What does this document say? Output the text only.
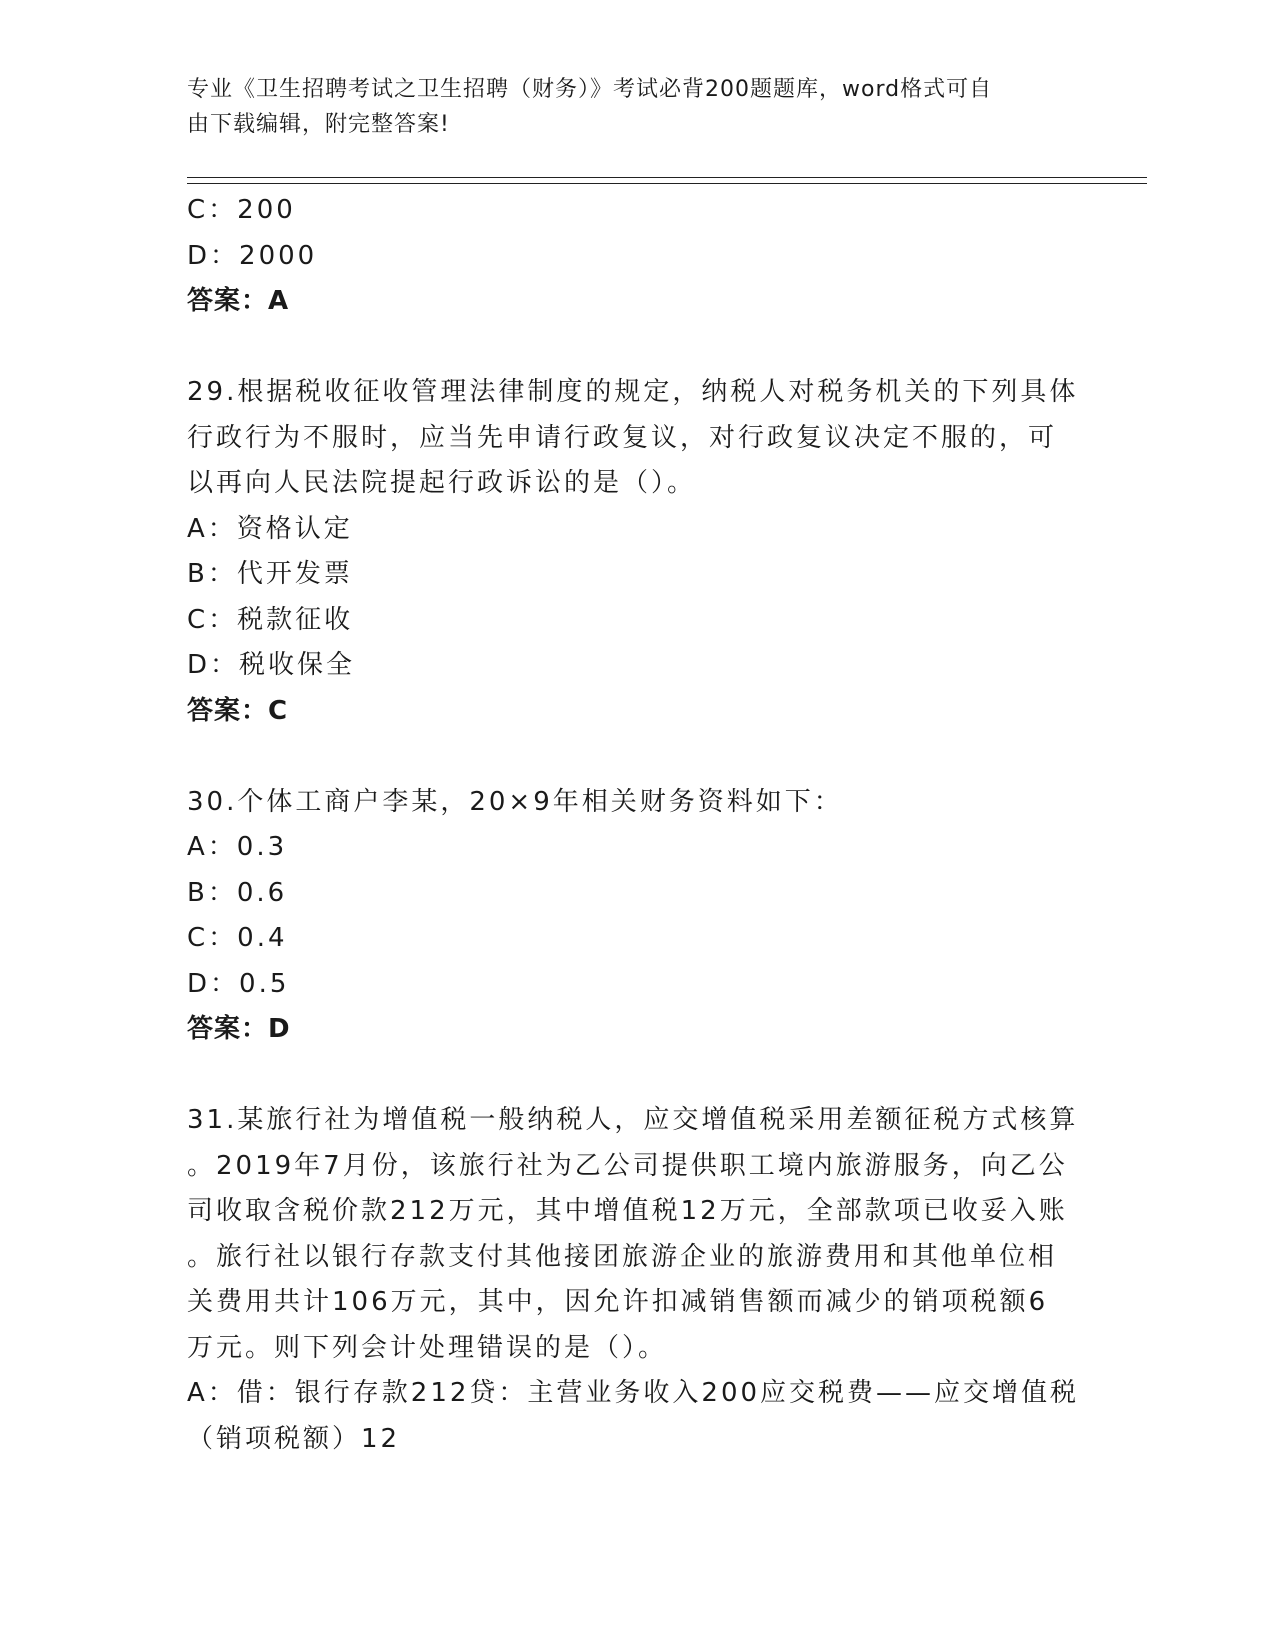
专业《卫生招聘考试之卫生招聘（财务）》考试必背200题题库，word格式可自

由下载编辑，附完整答案!

C：200

D：2000

答案：A

29.根据税收征收管理法律制度的规定，纳税人对税务机关的下列具体

行政行为不服时，应当先申请行政复议，对行政复议决定不服的，可

以再向人民法院提起行政诉讼的是（）。

A：资格认定

B：代开发票

C：税款征收

D：税收保全

答案：C

30.个体工商户李某，20×9年相关财务资料如下：

A：0.3

B：0.6

C：0.4

D：0.5

答案：D

31.某旅行社为增值税一般纳税人，应交增值税采用差额征税方式核算

。2019年7月份，该旅行社为乙公司提供职工境内旅游服务，向乙公

司收取含税价款212万元，其中增值税12万元，全部款项已收妥入账

。旅行社以银行存款支付其他接团旅游企业的旅游费用和其他单位相

关费用共计106万元，其中，因允许扣减销售额而减少的销项税额6

万元。则下列会计处理错误的是（）。

A：借：银行存款212贷：主营业务收入200应交税费——应交增值税

（销项税额）12
